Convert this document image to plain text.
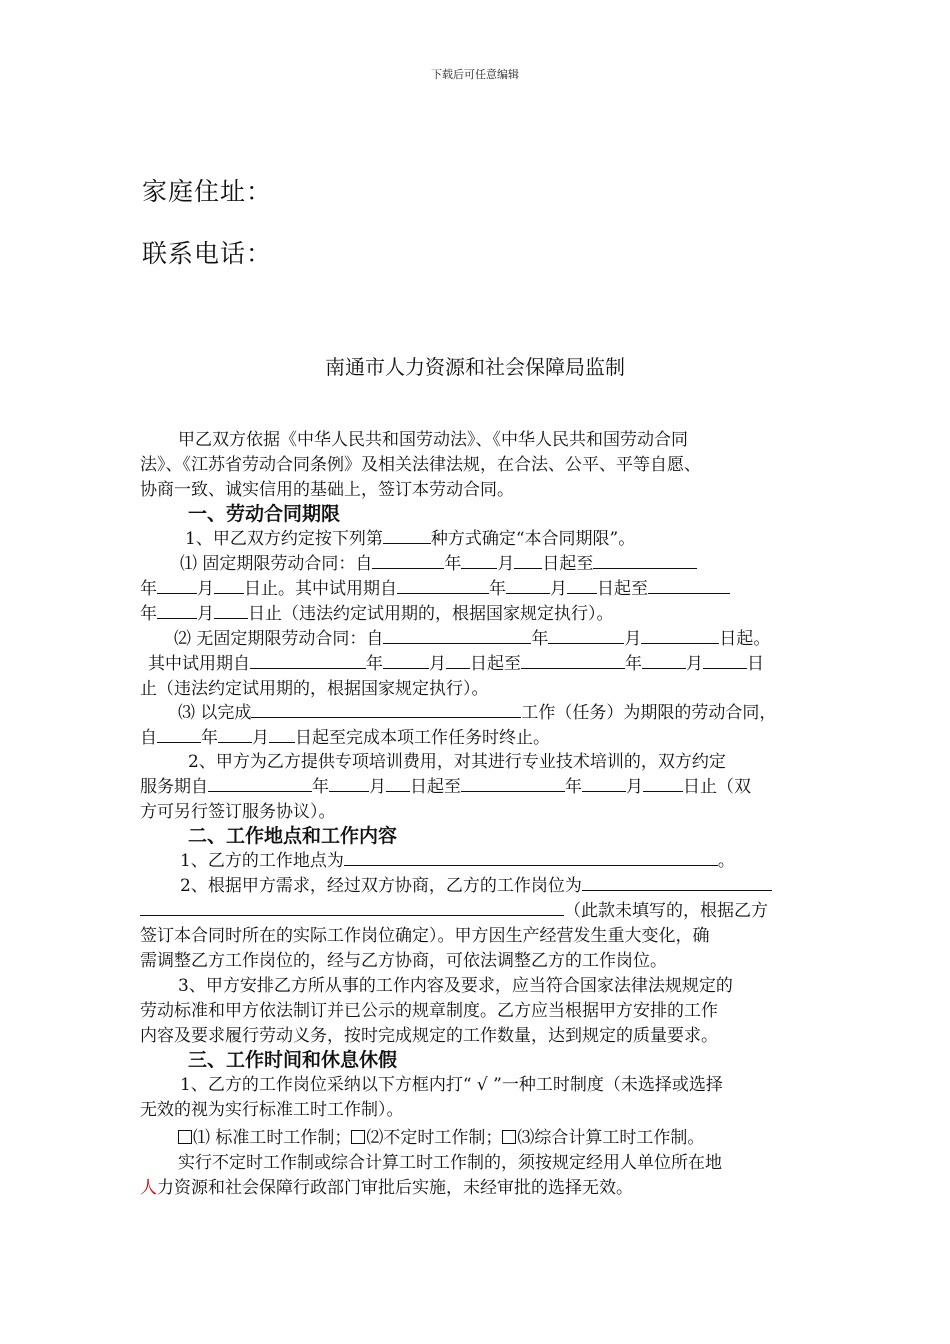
下载后可任意编辑
家庭住址：
联系电话：
南通市人力资源和社会保障局监制
甲乙双方依据《中华人民共和国劳动法》、《中华人民共和国劳动合同
法》、《江苏省劳动合同条例》及相关法律法规，在合法、公平、平等自愿、
协商一致、诚实信用的基础上，签订本劳动合同。
一、劳动合同期限
1、甲乙双方约定按下列第	种方式确定“本合同期限”。
⑴ 固定期限劳动合同：自	年 月 日起至
年 月 日止。其中试用期自	年	月 日起至
年 月 日止（违法约定试用期的，根据国家规定执行）。
⑵ 无固定期限劳动合同：自	年	月	日起。
其中试用期自	年	月 日起至	年	月	日
止（违法约定试用期的，根据国家规定执行）。
⑶ 以完成	工作（任务）为期限的劳动合同，
自	年 月 日起至完成本项工作任务时终止。
2、甲方为乙方提供专项培训费用，对其进行专业技术培训的，双方约定
服务期自	年 月 日起至	年	月 日止（双
方可另行签订服务协议）。
二、工作地点和工作内容
1、乙方的工作地点为	。
2、根据甲方需求，经过双方协商，乙方的工作岗位为
（此款未填写的，根据乙方
签订本合同时所在的实际工作岗位确定）。甲方因生产经营发生重大变化，确
需调整乙方工作岗位的，经与乙方协商，可依法调整乙方的工作岗位。
3、甲方安排乙方所从事的工作内容及要求，应当符合国家法律法规规定的
劳动标准和甲方依法制订并已公示的规章制度。乙方应当根据甲方安排的工作
内容及要求履行劳动义务，按时完成规定的工作数量，达到规定的质量要求。
三、工作时间和休息休假
1、乙方的工作岗位采纳以下方框内打“ √ ”一种工时制度（未选择或选择
无效的视为实行标准工时工作制）。
⑴ 标准工时工作制； ⑵不定时工作制； ⑶综合计算工时工作制。
实行不定时工作制或综合计算工时工作制的，须按规定经用人单位所在地
人力资源和社会保障行政部门审批后实施，未经审批的选择无效。
